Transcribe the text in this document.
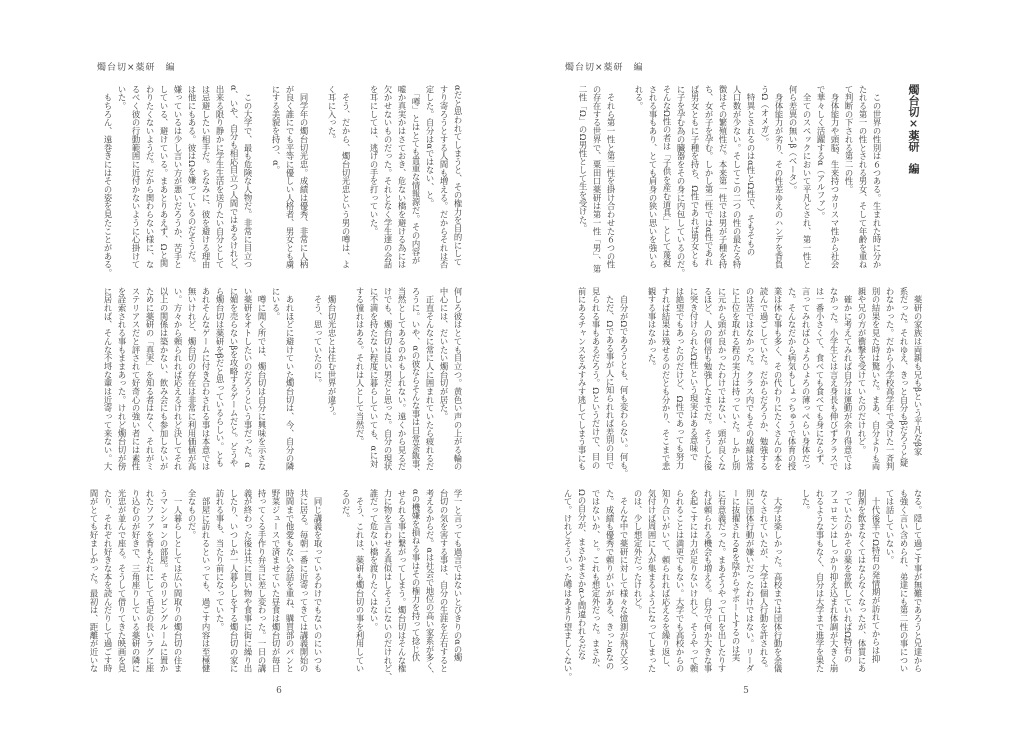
燭台切×薬研　編
6
αだと思われてしまうと、その権力を目的にして
すり寄ろうとする人間も増える。だからそれは否
定した。自分はαではない、と。
　「噂」とはとても貴重な情報源だ。その内容が
嘘か真実かはさておき、危ない橋を避ける為には
欠かせないものだった。それとなく学生達の会話
を耳にしては、逃げの手を打っていた。
　そう、だから、燭台切光忠という男の噂は、よ
く耳に入った。
　同学年の燭台切光忠。成績は優秀、非常に人柄
が良く誰にでも平等に優しい人格者、男女とも虜
にする美貌を持つ、α。
　この大学で、最も危険な人物だ。非常に目立つ
α、いや、自分も相応目立つ人間ではあるけれど、
出来る限り静かに学生生活を送りたい自分として
は忌避したい相手だ。ちなみに、彼を避ける理由
は他にもある。彼はΩを嫌っているのだそうだ。
嫌っているは少し言い方が悪いだろうか、苦手と
している、避けている。まあとりあえず、Ωと関
わりたくないようだ。だから関わらない様に、な
るべく彼の行動範囲に近付かないように心掛けて
いた。
　もちろん、遠巻きにはその姿を見たことがある。
何しろ彼はとても目立つ。黄色い声の上がる輪の
中心には、だいたい燭台切が居た。
　正直そんなに常に人に囲まれていたら疲れるだ
ろうに。いや、αの彼ならそんな事は日常茶飯事、
当然としてあるのかもしれない。遠くから見るだ
けでも、燭台切は良い男だと思った。自分の現状
に不満を持たない程度に暮らしていても、αに対
する憧れはある。それは人として当然だ。
　燭台切光忠とは住む世界が違う。
　そう、思っていたのに。
　あれほどに避けていた燭台切は、今、自分の隣
にいる。
　噂に聞く所では、燭台切は自分に興味を示さな
い薬研をオトしたいのだろうという事だった。α
に媚を売らないβを攻略するゲームだと。どうや
ら燭台切は薬研をβだと思っているらしい。とも
あれそんなゲームに付き合わされる事は本意では
無いけれど、燭台切の存在は非常に利用価値が高
い。方々から頼られれば応えるけれど決してそれ
以上の関係は築かない、飲み会にも参加しないが
ために薬研の「真実」を知る者はなく、それがミ
ステリアスだと評されて好奇心の強い者には素性
を詮索される事もままあった。けれど燭台切が傍
に居れば、そんな不埒な輩は近寄って来ない。大
学一と言っても過言ではないとびきりのαの燭
台切の気を害する事は、自分の生涯を左右すると
考えるからだ。αは社会で地位の高い家系が多く、
αの機嫌を損ねる事はその権力を持って捻じ伏
せられる事に繋がってしまう。燭台切はそんな権
力に物を言わせる真似はしそうにないのだけれど、
誰だって危ない橋を渡りたくはない。
　そう、これは、薬研も燭台切の事を利用してい
るのだ。
　同じ講義を取っているわけでもないのにいつも
共に居る。毎朝一番に近寄ってきては講義開始の
時間まで他愛もない会話を重ね、購買部のパンと
野菜ジュースで済ませていた昼食は燭台切が毎日
持ってくる手作り弁当に差し変わった。一日の講
義が終わった後は共に買い物や食事に街に繰り出
したり、いつしか一人暮らしをする燭台切の家に
訪れる事も、当たり前になっていた。
　部屋に訪れるといっても、過ごす内容は至極健
全なものだ。
　一人暮らしとしては広い間取りの燭台切の住ま
うマンションの部屋。そのリビングルームに置か
れたソファを背もたれにして毛足の長いラグに座
り込むのが好きで、三角座りしている薬研の隣に
光忠が並んで座る。そうして借りてきた映画を見
たり、それぞれ好きな本を読んだりして過ごす時
間がとても好ましかった。最初は、距離が近いな
燭台切×薬研　編
燭台切×薬研　編
5
　この世界の性別は６つある。生まれた時に分か
たれる第一の性とされる男女、そして年齢を重ね
て判断の下される第二の性。
　身体能力や頭脳、生来持つカリスマ性から社会
で華々しく活躍するα（アルファ）。
　全てのスペックにおいて平凡とされ、第一性と
何ら差異の無いβ（ベータ）。
　身体能力が劣り、その性差ゆえのハンデを背負
うΩ（オメガ）。
　特異とされるのはα性とΩ性で、そもそもの
人口数が少ない。そしてこの二つの性の最たる特
徴はその繁殖性だ。本来第一性では男が子種を持
ち、女が子を孕む。しかし第二性ではα性であれ
ば男女ともに子種を持ち、Ω性であれば男女とも
に子を孕む為の臓器をその身に内包しているのだ。
そんなΩ性の者は「子供を産む道具」として蔑視
される事もあり、とても肩身の狭い思いを強いら
れる。
　それら第一性と第二性を掛け合わせた６つの性
の存在する世界で、粟田口薬研は第一性「男」、第
二性「Ω」のΩ男性として生を受けた。
　薬研の家族は両親も兄もβという平凡なβ家
系だった。それゆえ、きっと自分もβだろうと疑
わなかった。だから小学校高学年で受けた一斉判
別の結果を見た時は驚いた。まあ、自分よりも両
親や兄の方が衝撃を受けていたのだけれど。
　確かに考えてみれば自分は運動が余り得意では
なかった。小学生とは言え身長も伸びずクラスで
は一番小さくて、食べても食べても身にならず、
言ってみればひょろひょろの薄っぺらい身体だっ
た。そんなだから病気もしょっちゅうで体育の授
業は休む事も多く、その代わりにたくさんの本を
読んで過ごしていた。だからだろうか、勉強する
のは苦ではなかった。クラス内でもその成績は常
に上位を取れる程の実力は持っていた。しかし別
に元から頭が良かったわけではない、頭が良くな
るほど、人の何倍も勉強したまでだ。そうした後
に突き付けられたΩ性という現実はある意味で
は絶望でもあったのだけど、Ω性であっても努力
すれば結果は残せるのだとも分かり、そこまで悲
観する事はなかった。
　自分がΩであろうとも、何も変わらない。何も。
　ただ、Ωである事が人に知られれば差別の目で
見られる事もあるだろう。Ωというだけで、目の
前にあるチャンスをみすみす逃してしまう事にも
なる。隠して過ごす事が無難であろうと兄達から
も強く言い含められ、弟達にも第二性の事につい
ては話していない。
　十代後半でΩ特有の発情期が訪れてからは抑
制剤を飲まなくてはならなくなったが、体質にあ
っていたのかその薬を常飲していればΩ特有の
フェロモンはしっかり抑え込まれ体調が大きく崩
れるような事もなく、自分は大学まで進学を果た
した。
　大学は楽しかった。高校までは団体行動を余儀
なくされていたが、大学は個人行動を許される。
別に団体行動が嫌いだったわけではない。リーダ
ーに抜擢されるαを陰からサポートするのは実
に有意義だった。まあそうやって口を出したりす
れば頼られる機会も増える。自分で何か大きな事
を起こすには力が足りないけれど、そうやって頼
られることは満更でもない。大学でも高校からの
知り合いがいて、頼られれば応えるを繰り返し、
気付けば周囲に人が集まるようになってしまった
のは、少し想定外だったけれど。
　そんな中で薬研に対して様々な憶測が飛び交っ
た。成績も優秀で頼りがいがある、きっとαなの
ではないか、と。これも想定外だった。まさか、
Ωの自分が、まさかまさかαと間違われるだな
んて。けれどそういった噂はあまり望ましくない。
